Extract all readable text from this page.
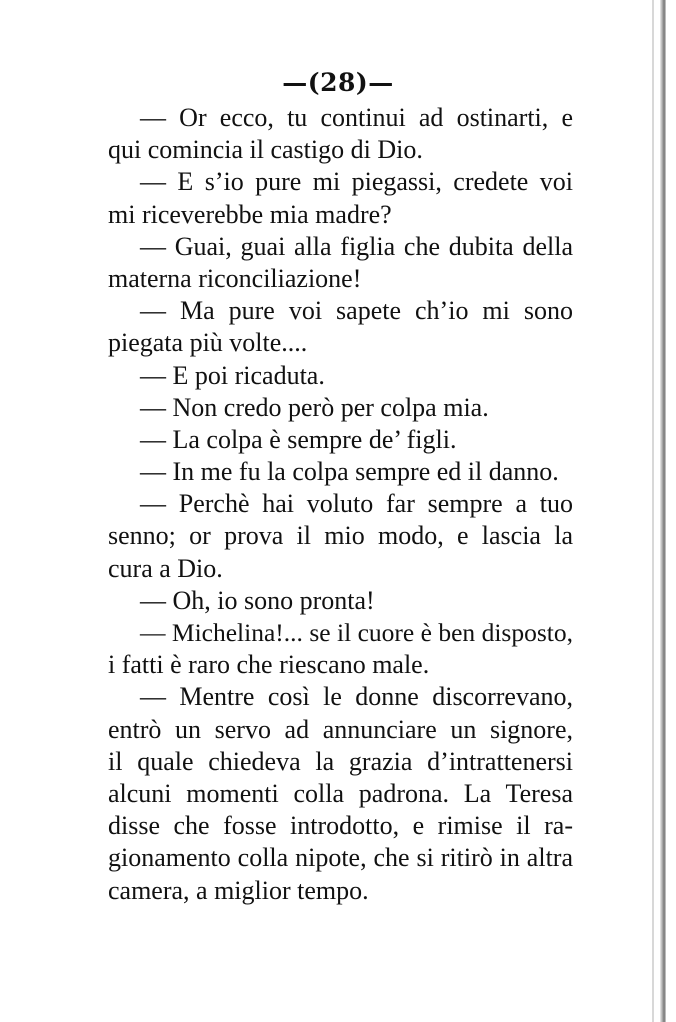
—(28)—
— Or ecco, tu continui ad ostinarti, e
qui comincia il castigo di Dio.
— E s’io pure mi piegassi, credete voi
mi riceverebbe mia madre?
— Guai, guai alla figlia che dubita della
materna riconciliazione!
— Ma pure voi sapete ch’io mi sono
piegata più volte....
— E poi ricaduta.
— Non credo però per colpa mia.
— La colpa è sempre de’ figli.
— In me fu la colpa sempre ed il danno.
— Perchè hai voluto far sempre a tuo
senno; or prova il mio modo, e lascia la
cura a Dio.
— Oh, io sono pronta!
— Michelina!... se il cuore è ben disposto,
i fatti è raro che riescano male.
— Mentre così le donne discorrevano,
entrò un servo ad annunciare un signore,
il quale chiedeva la grazia d’intrattenersi
alcuni momenti colla padrona. La Teresa
disse che fosse introdotto, e rimise il ra-
gionamento colla nipote, che si ritirò in altra
camera, a miglior tempo.
